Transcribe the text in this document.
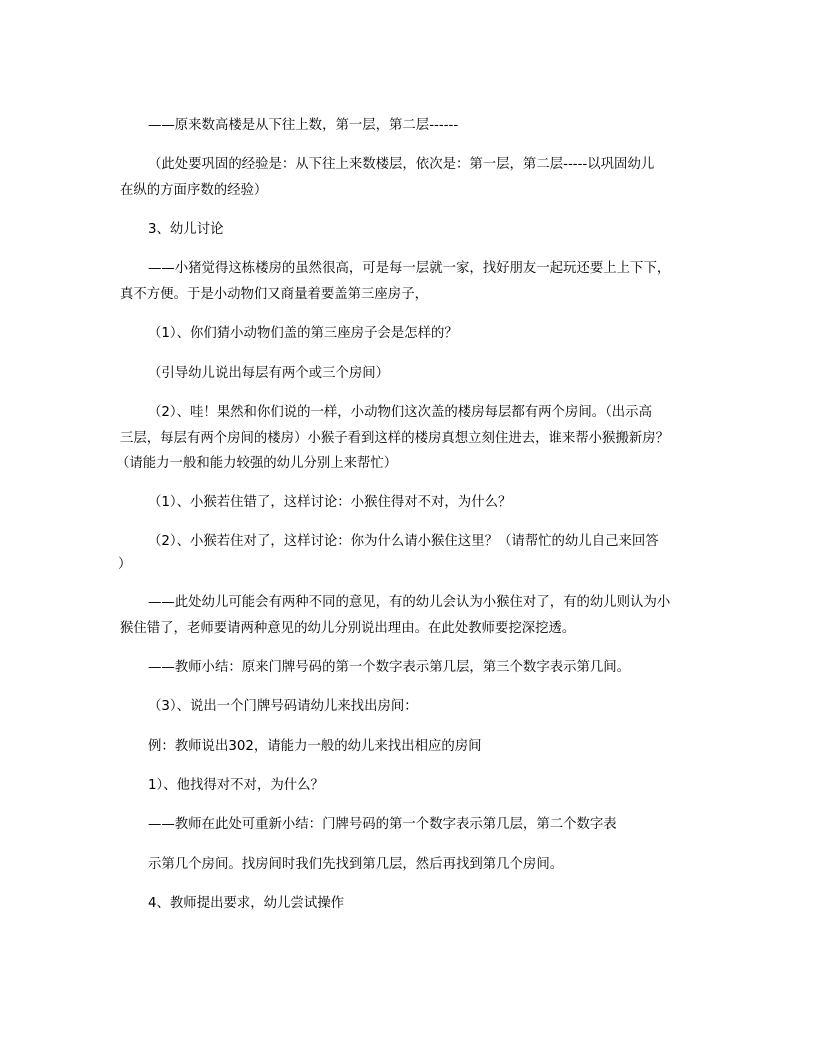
——原来数高楼是从下往上数，第一层，第二层------
（此处要巩固的经验是：从下往上来数楼层，依次是：第一层，第二层-----以巩固幼儿
在纵的方面序数的经验）
3、幼儿讨论
——小猪觉得这栋楼房的虽然很高，可是每一层就一家，找好朋友一起玩还要上上下下，
真不方便。于是小动物们又商量着要盖第三座房子，
（1）、你们猜小动物们盖的第三座房子会是怎样的？
（引导幼儿说出每层有两个或三个房间）
（2）、哇！果然和你们说的一样，小动物们这次盖的楼房每层都有两个房间。（出示高
三层，每层有两个房间的楼房）小猴子看到这样的楼房真想立刻住进去，谁来帮小猴搬新房？
（请能力一般和能力较强的幼儿分别上来帮忙）
（1）、小猴若住错了，这样讨论：小猴住得对不对，为什么？
（2）、小猴若住对了，这样讨论：你为什么请小猴住这里？（请帮忙的幼儿自己来回答
）
——此处幼儿可能会有两种不同的意见，有的幼儿会认为小猴住对了，有的幼儿则认为小
猴住错了，老师要请两种意见的幼儿分别说出理由。在此处教师要挖深挖透。
——教师小结：原来门牌号码的第一个数字表示第几层，第三个数字表示第几间。
（3）、说出一个门牌号码请幼儿来找出房间：
例：教师说出302，请能力一般的幼儿来找出相应的房间
1）、他找得对不对，为什么？
——教师在此处可重新小结：门牌号码的第一个数字表示第几层，第二个数字表
示第几个房间。找房间时我们先找到第几层，然后再找到第几个房间。
4、教师提出要求，幼儿尝试操作
